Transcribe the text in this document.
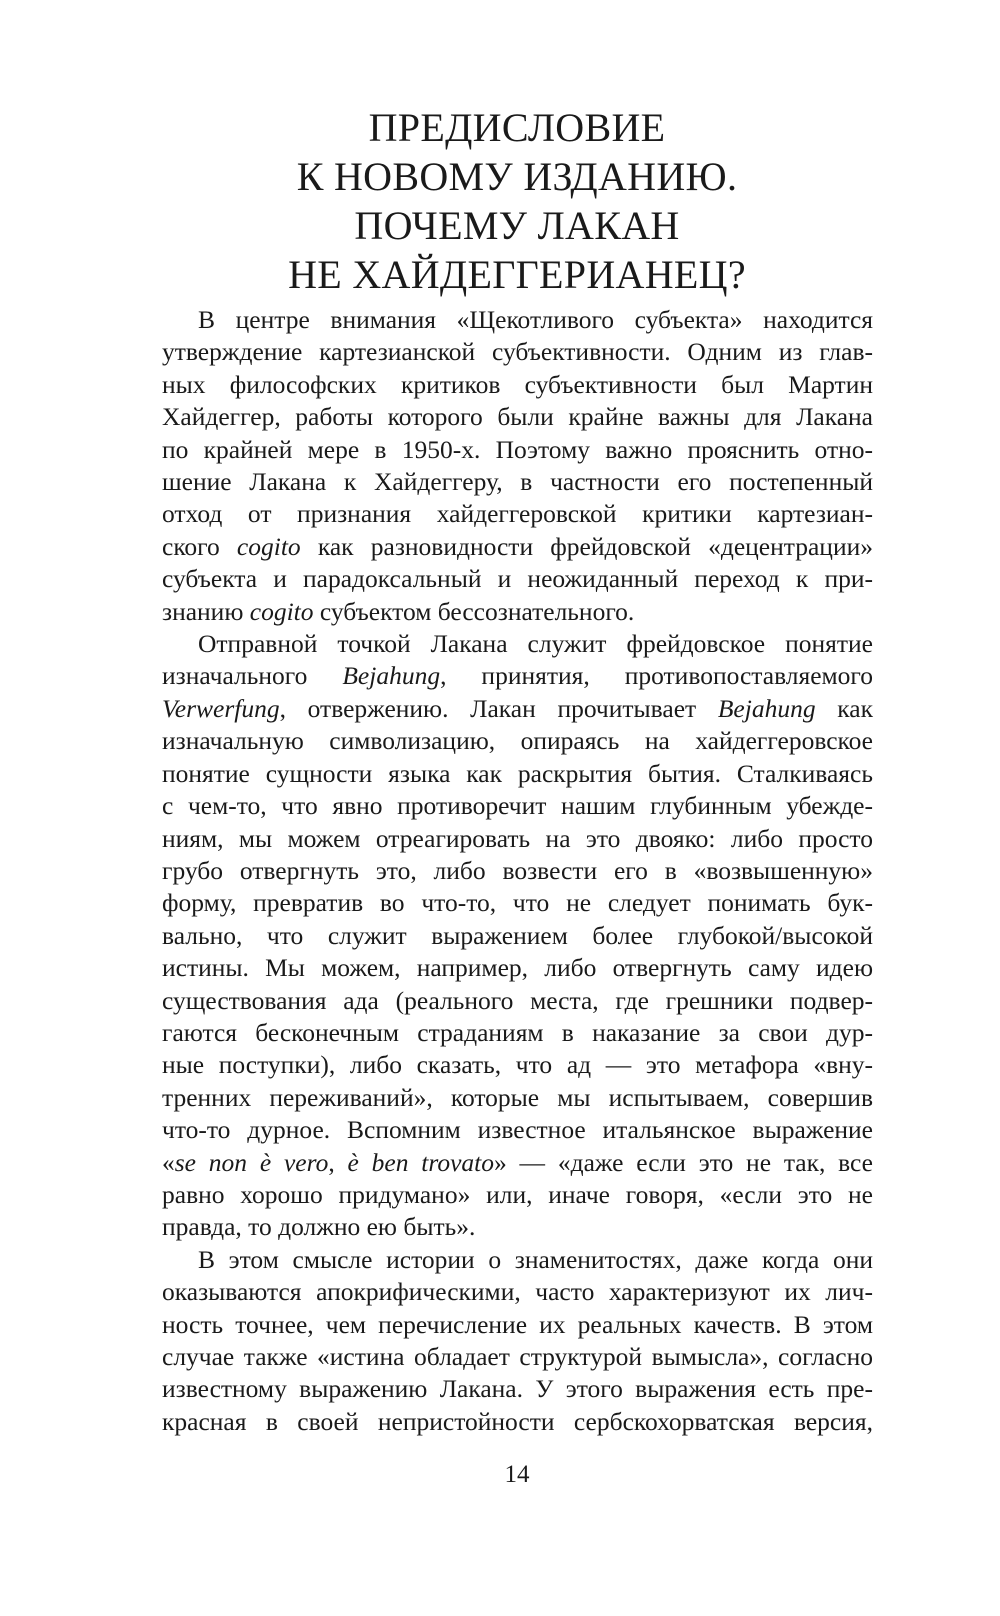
ПРЕДИСЛОВИЕ
К НОВОМУ ИЗДАНИЮ.
ПОЧЕМУ ЛАКАН
НЕ ХАЙДЕГГЕРИАНЕЦ?

В центре внимания «Щекотливого субъекта» находится
утверждение картезианской субъективности. Одним из глав-
ных философских критиков субъективности был Мартин
Хайдеггер, работы которого были крайне важны для Лакана
по крайней мере в 1950-х. Поэтому важно прояснить отно-
шение Лакана к Хайдеггеру, в частности его постепенный
отход от признания хайдеггеровской критики картезиан-
ского cogito как разновидности фрейдовской «децентрации»
субъекта и парадоксальный и неожиданный переход к при-
знанию cogito субъектом бессознательного.

Отправной точкой Лакана служит фрейдовское понятие
изначального Bejahung, принятия, противопоставляемого
Verwerfung, отвержению. Лакан прочитывает Bejahung как
изначальную символизацию, опираясь на хайдеггеровское
понятие сущности языка как раскрытия бытия. Сталкиваясь
с чем-то, что явно противоречит нашим глубинным убежде-
ниям, мы можем отреагировать на это двояко: либо просто
грубо отвергнуть это, либо возвести его в «возвышенную»
форму, превратив во что-то, что не следует понимать бук-
вально, что служит выражением более глубокой/высокой
истины. Мы можем, например, либо отвергнуть саму идею
существования ада (реального места, где грешники подвер-
гаются бесконечным страданиям в наказание за свои дур-
ные поступки), либо сказать, что ад — это метафора «вну-
тренних переживаний», которые мы испытываем, совершив
что-то дурное. Вспомним известное итальянское выражение
«se non è vero, è ben trovato» — «даже если это не так, все
равно хорошо придумано» или, иначе говоря, «если это не
правда, то должно ею быть».

В этом смысле истории о знаменитостях, даже когда они
оказываются апокрифическими, часто характеризуют их лич-
ность точнее, чем перечисление их реальных качеств. В этом
случае также «истина обладает структурой вымысла», согласно
известному выражению Лакана. У этого выражения есть пре-
красная в своей непристойности сербскохорватская версия,

14
